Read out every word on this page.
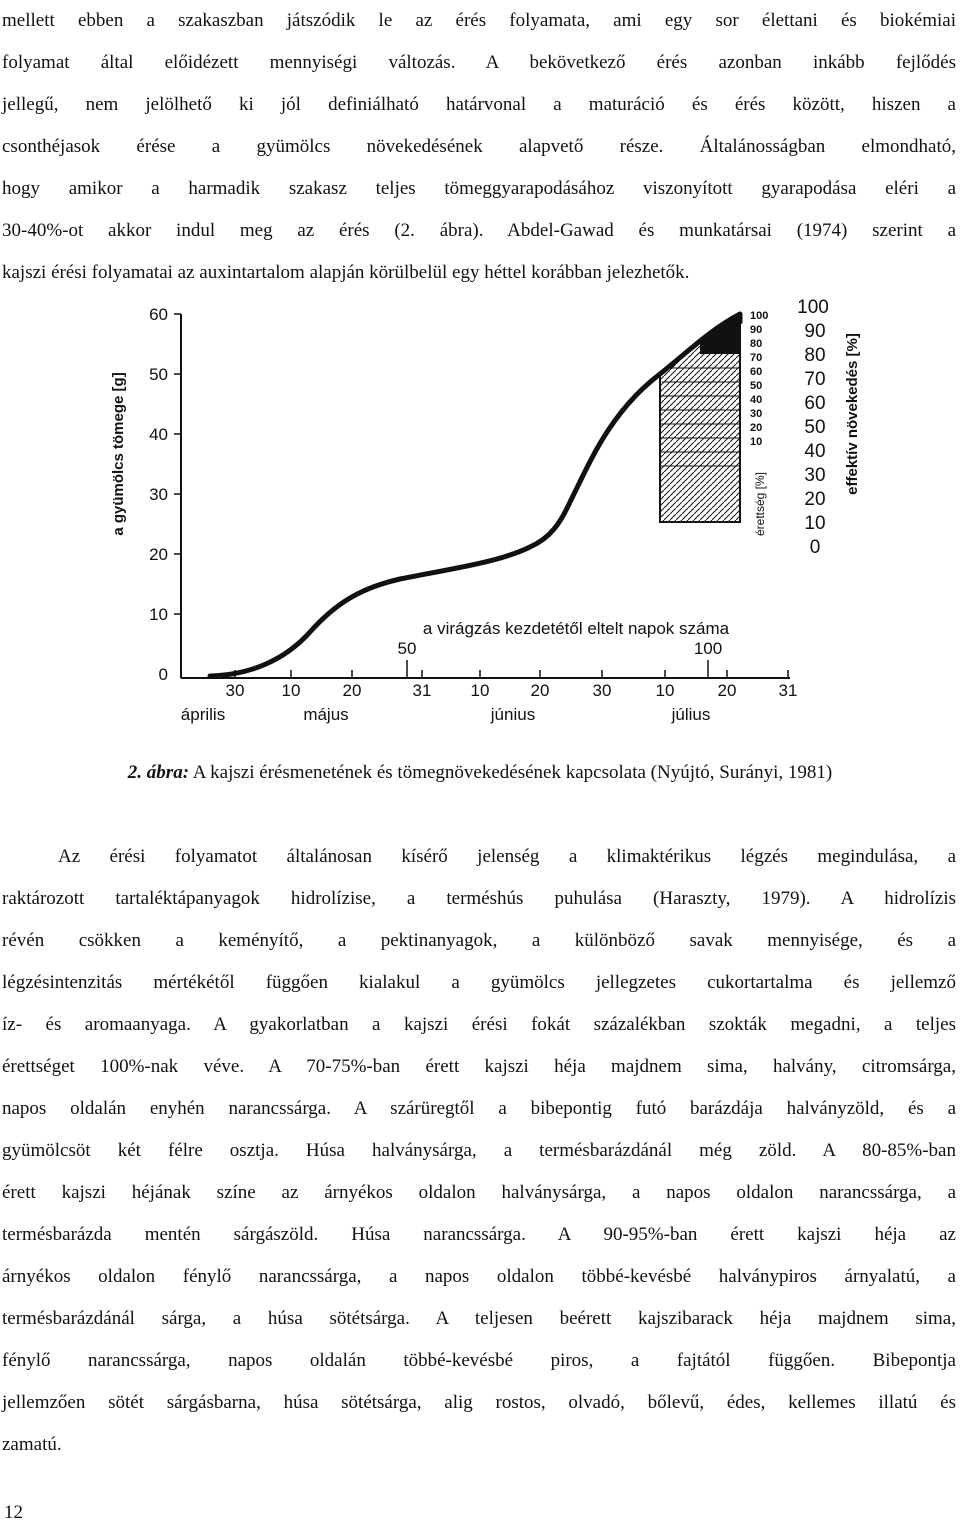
mellett ebben a szakaszban játszódik le az érés folyamata, ami egy sor élettani és biokémiai
folyamat által előidézett mennyiségi változás. A bekövetkező érés azonban inkább fejlődés
jellegű, nem jelölhető ki jól definiálható határvonal a maturáció és érés között, hiszen a
csonthéjasok érése a gyümölcs növekedésének alapvető része. Általánosságban elmondható,
hogy amikor a harmadik szakasz teljes tömeggyarapodásához viszonyított gyarapodása eléri a
30-40%-ot akkor indul meg az érés (2. ábra). Abdel-Gawad és munkatársai (1974) szerint a
kajszi érési folyamatai az auxintartalom alapján körülbelül egy héttel korábban jelezhetők.
60
50
40
30
20
10
0
a gyümölcs tömege [g]
30 10 20	31 10 20	30	10	20 31
április	május	június	július
a virágzás kezdetétől eltelt napok száma
50	100
100
90
80
70
60
50
40
30
20
10
érettség [%]
100
90
80
70
60
50
40
30
20
10
0
effektív növekedés [%]
2. ábra: A kajszi érésmenetének és tömegnövekedésének kapcsolata (Nyújtó, Surányi, 1981)
Az érési folyamatot általánosan kísérő jelenség a klimaktérikus légzés megindulása, a
raktározott tartaléktápanyagok hidrolízise, a terméshús puhulása (Haraszty, 1979). A hidrolízis
révén csökken a keményítő, a pektinanyagok, a különböző savak mennyisége, és a
légzésintenzitás mértékétől függően kialakul a gyümölcs jellegzetes cukortartalma és jellemző
íz- és aromaanyaga. A gyakorlatban a kajszi érési fokát százalékban szokták megadni, a teljes
érettséget 100%-nak véve. A 70-75%-ban érett kajszi héja majdnem sima, halvány, citromsárga,
napos oldalán enyhén narancssárga. A szárüregtől a bibepontig futó barázdája halványzöld, és a
gyümölcsöt két félre osztja. Húsa halványsárga, a termésbarázdánál még zöld. A 80-85%-ban
érett kajszi héjának színe az árnyékos oldalon halványsárga, a napos oldalon narancssárga, a
termésbarázda mentén sárgászöld. Húsa narancssárga. A 90-95%-ban érett kajszi héja az
árnyékos oldalon fénylő narancssárga, a napos oldalon többé-kevésbé halványpiros árnyalatú, a
termésbarázdánál sárga, a húsa sötétsárga. A teljesen beérett kajszibarack héja majdnem sima,
fénylő narancssárga, napos oldalán többé-kevésbé piros, a fajtától függően. Bibepontja
jellemzően sötét sárgásbarna, húsa sötétsárga, alig rostos, olvadó, bőlevű, édes, kellemes illatú és
zamatú.
12
